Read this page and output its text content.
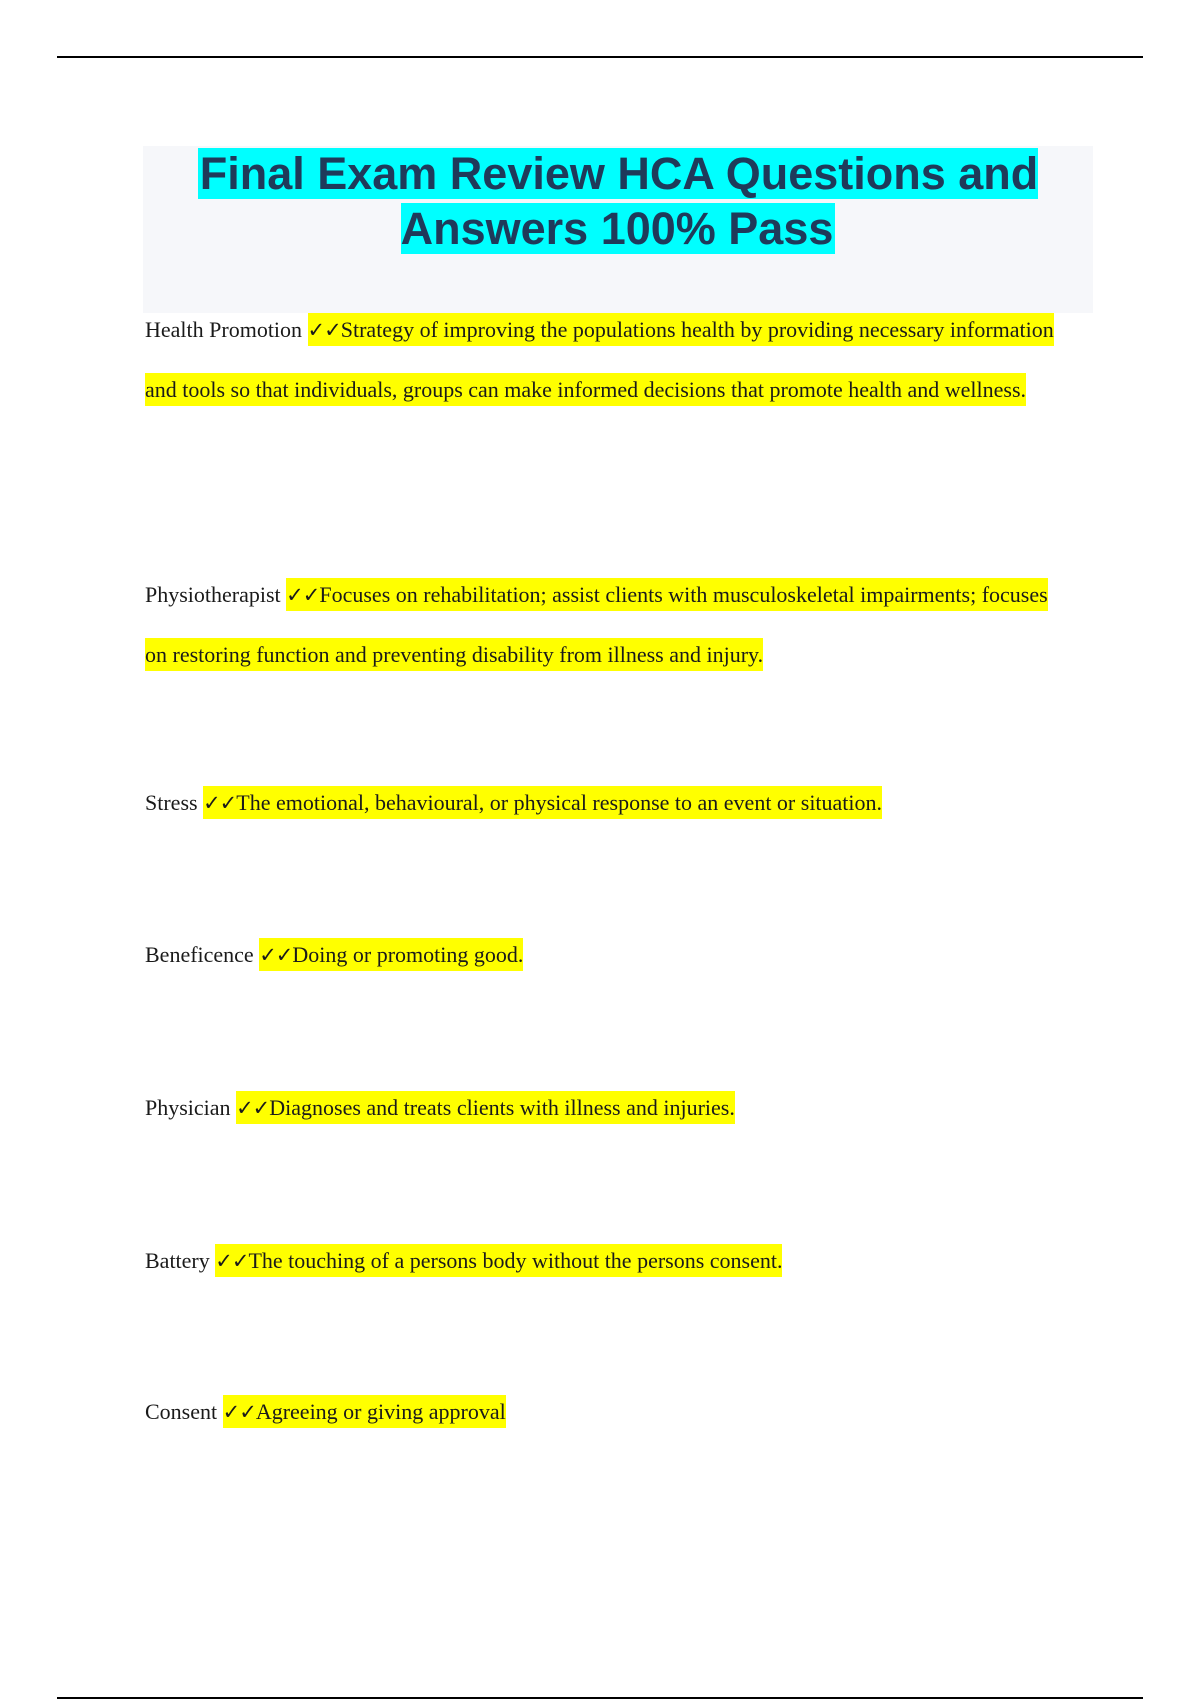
Final Exam Review HCA Questions and Answers 100% Pass

Health Promotion ✓✓Strategy of improving the populations health by providing necessary information and tools so that individuals, groups can make informed decisions that promote health and wellness.

Physiotherapist ✓✓Focuses on rehabilitation; assist clients with musculoskeletal impairments; focuses on restoring function and preventing disability from illness and injury.

Stress ✓✓The emotional, behavioural, or physical response to an event or situation.

Beneficence ✓✓Doing or promoting good.

Physician ✓✓Diagnoses and treats clients with illness and injuries.

Battery ✓✓The touching of a persons body without the persons consent.

Consent ✓✓Agreeing or giving approval
